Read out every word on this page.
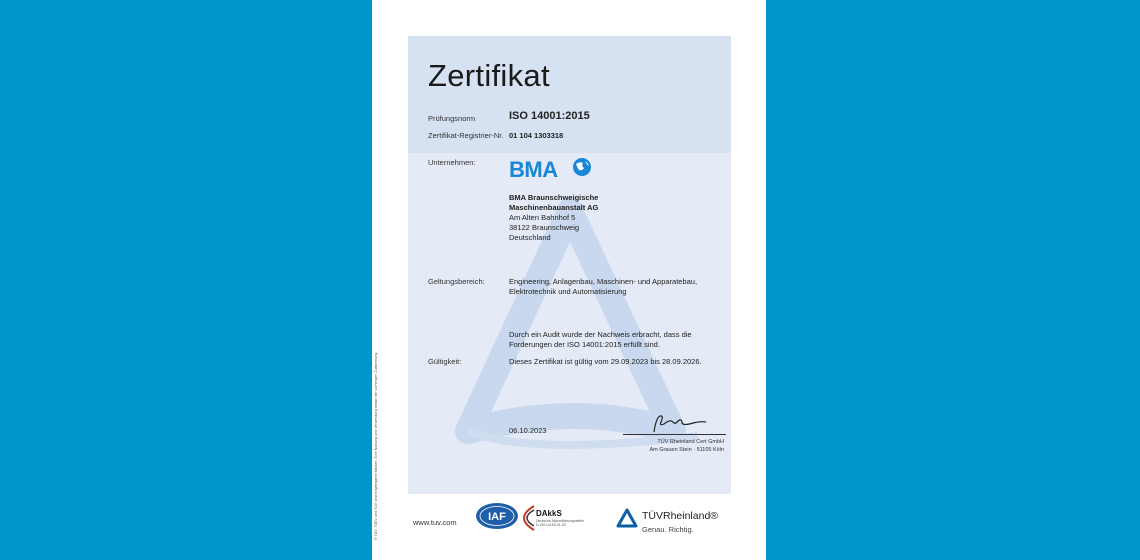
Zertifikat
Prüfungsnorm	ISO 14001:2015
Zertifikat-Registrier-Nr. 01 104 1303318
Unternehmen: BMA
BMA Braunschweigische
Maschinenbauanstalt AG
Am Alten Bahnhof 5
38122 Braunschweig
Deutschland
Geltungsbereich:	Engineering, Anlagenbau, Maschinen- und Apparatebau,
Elektrotechnik und Automatisierung
Durch ein Audit wurde der Nachweis erbracht, dass die
Forderungen der ISO 14001:2015 erfüllt sind.
Gültigkeit:	Dieses Zertifikat ist gültig vom 29.09.2023 bis 28.09.2026.
06.10.2023
TÜV Rheinland Cert GmbH
Am Grauen Stein · 51105 Köln
www.tuv.com	IAF	DAkkS
Deutsche Akkreditierungsstelle D-ZM-14153-01-00
TÜVRheinland®
Genau. Richtig.
® TÜV, TUEV und TUV sind eingetragene Marken. Eine Nutzung und Verwendung bedarf der vorherigen Zustimmung.
